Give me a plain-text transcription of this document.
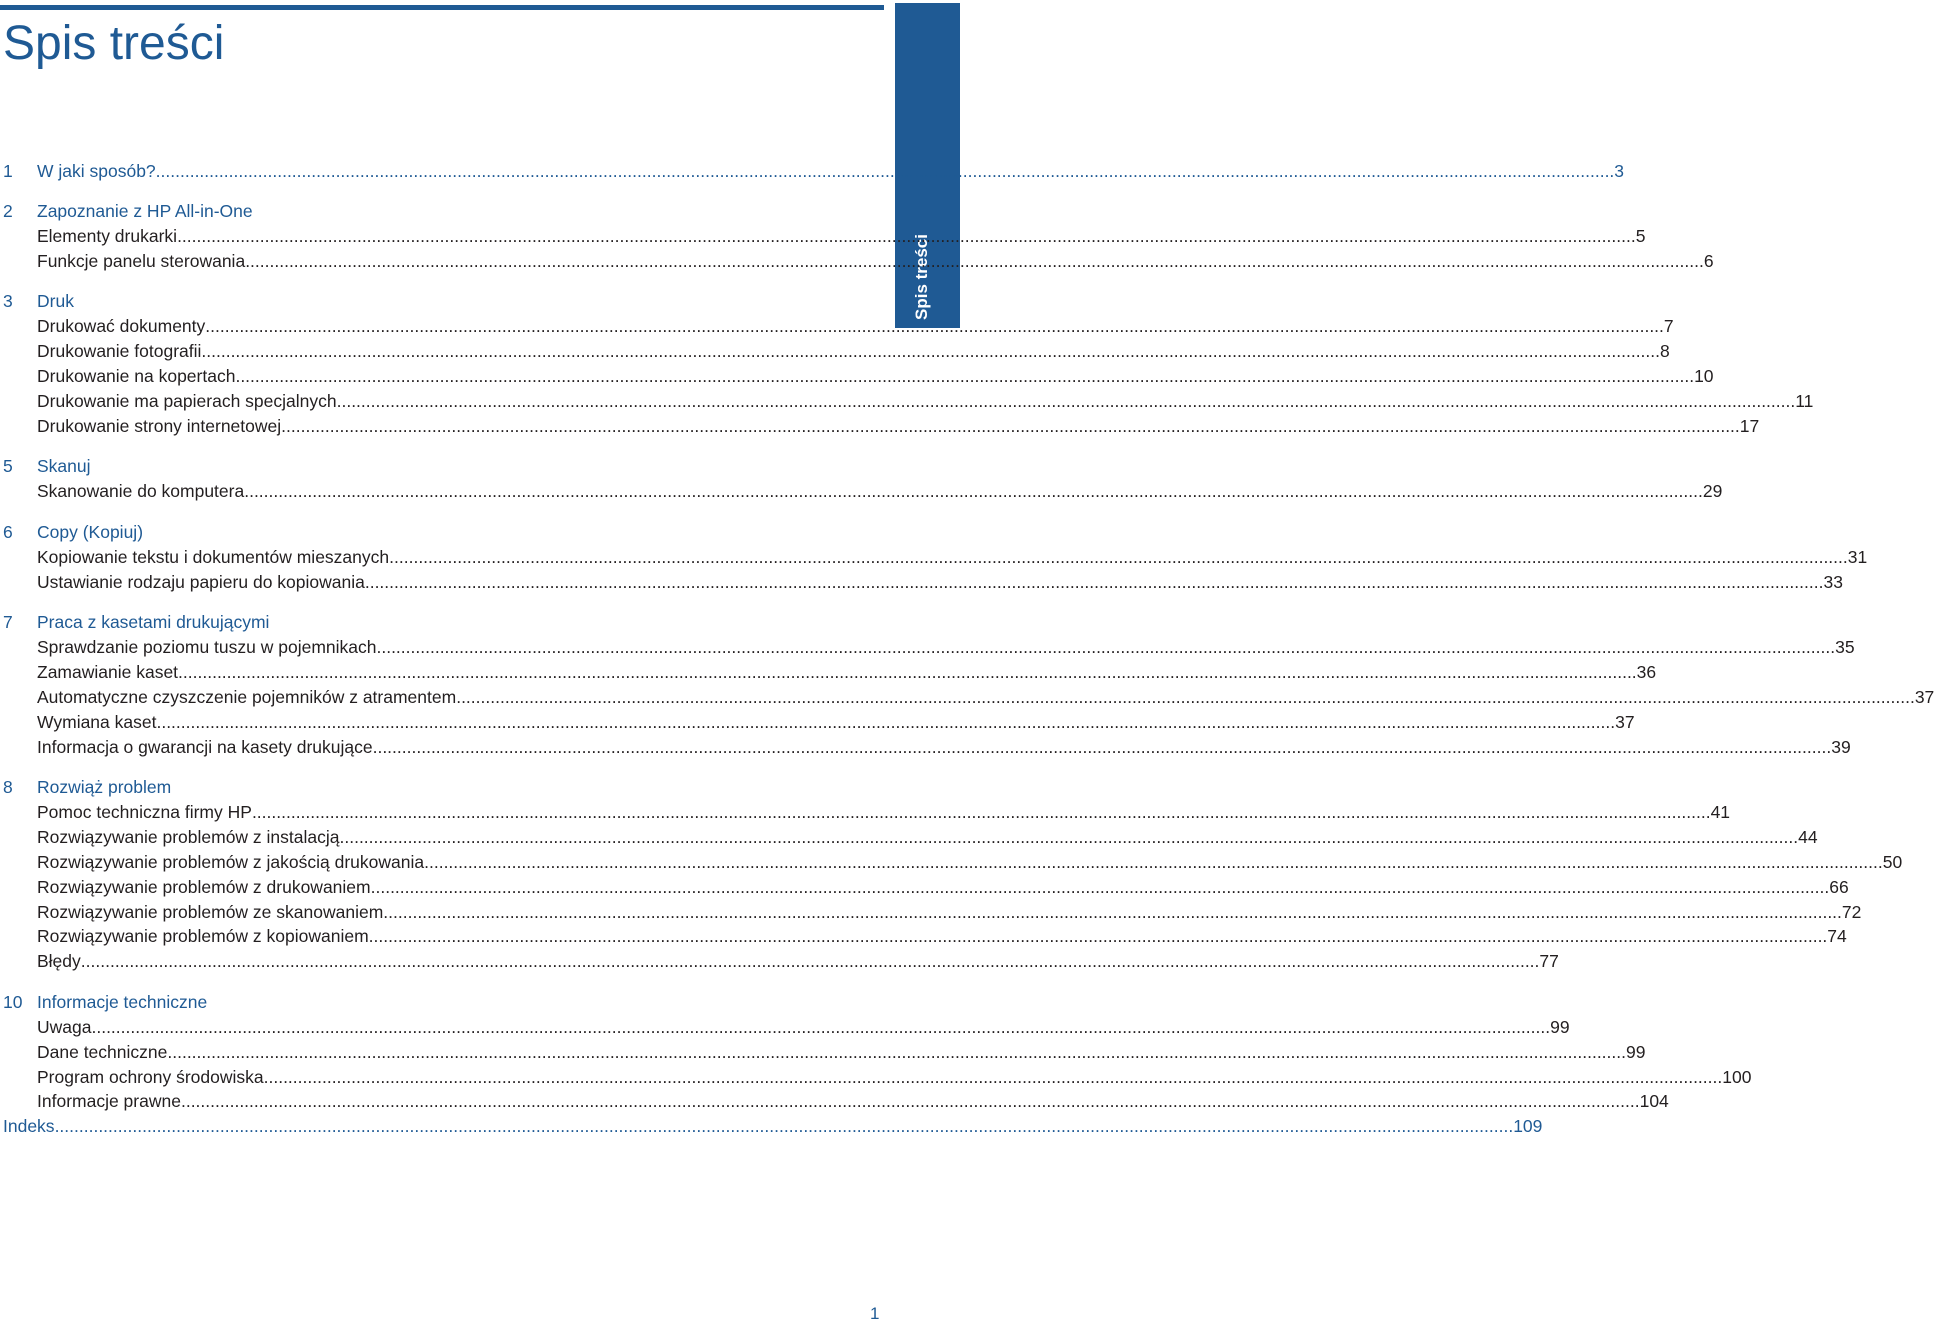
Spis treści
Spis treści
1 W jaki sposób? ............................................................................................................................................................................................................................................................................................................ 3
2 Zapoznanie z HP All-in-One
Elementy drukarki ............................................................................................................................................................................................................................................................................................................ 5
Funkcje panelu sterowania ............................................................................................................................................................................................................................................................................................................ 6
3 Druk
Drukować dokumenty ............................................................................................................................................................................................................................................................................................................ 7
Drukowanie fotografii ............................................................................................................................................................................................................................................................................................................ 8
Drukowanie na kopertach ............................................................................................................................................................................................................................................................................................................ 10
Drukowanie ma papierach specjalnych ............................................................................................................................................................................................................................................................................................................ 11
Drukowanie strony internetowej ............................................................................................................................................................................................................................................................................................................ 17
5 Skanuj
Skanowanie do komputera ............................................................................................................................................................................................................................................................................................................ 29
6 Copy (Kopiuj)
Kopiowanie tekstu i dokumentów mieszanych ............................................................................................................................................................................................................................................................................................................ 31
Ustawianie rodzaju papieru do kopiowania ............................................................................................................................................................................................................................................................................................................ 33
7 Praca z kasetami drukującymi
Sprawdzanie poziomu tuszu w pojemnikach ............................................................................................................................................................................................................................................................................................................ 35
Zamawianie kaset ............................................................................................................................................................................................................................................................................................................ 36
Automatyczne czyszczenie pojemników z atramentem ............................................................................................................................................................................................................................................................................................................ 37
Wymiana kaset ............................................................................................................................................................................................................................................................................................................ 37
Informacja o gwarancji na kasety drukujące ............................................................................................................................................................................................................................................................................................................ 39
8 Rozwiąż problem
Pomoc techniczna firmy HP ............................................................................................................................................................................................................................................................................................................ 41
Rozwiązywanie problemów z instalacją ............................................................................................................................................................................................................................................................................................................ 44
Rozwiązywanie problemów z jakością drukowania ............................................................................................................................................................................................................................................................................................................ 50
Rozwiązywanie problemów z drukowaniem ............................................................................................................................................................................................................................................................................................................ 66
Rozwiązywanie problemów ze skanowaniem ............................................................................................................................................................................................................................................................................................................ 72
Rozwiązywanie problemów z kopiowaniem ............................................................................................................................................................................................................................................................................................................ 74
Błędy ............................................................................................................................................................................................................................................................................................................ 77
10 Informacje techniczne
Uwaga ............................................................................................................................................................................................................................................................................................................ 99
Dane techniczne ............................................................................................................................................................................................................................................................................................................ 99
Program ochrony środowiska ............................................................................................................................................................................................................................................................................................................ 100
Informacje prawne ............................................................................................................................................................................................................................................................................................................ 104
Indeks ............................................................................................................................................................................................................................................................................................................ 109
1
